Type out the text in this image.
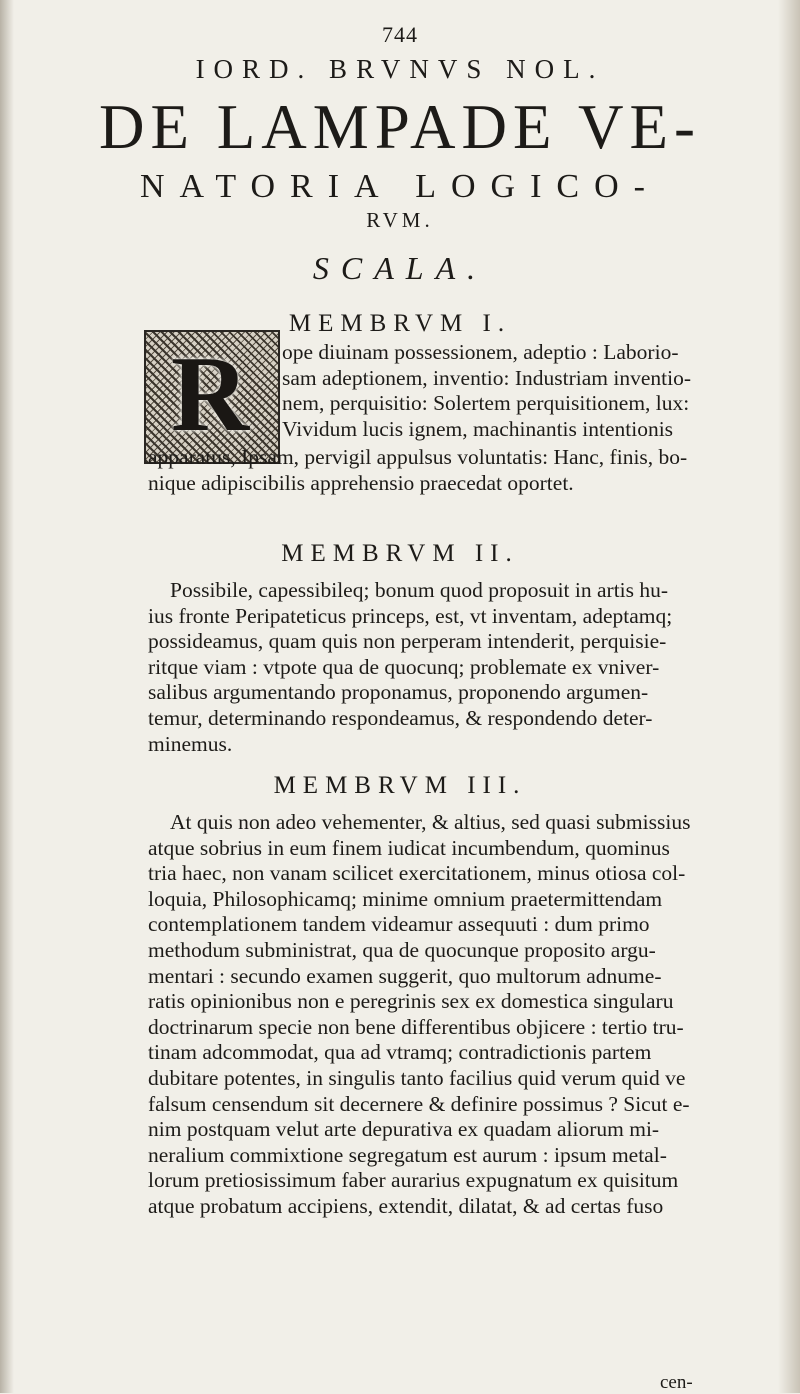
744
IORD. BRVNVS NOL.
DE LAMPADE VE-
NATORIA LOGICO-
RVM.
SCALA.
MEMBRVM I.
R	ope diuinam possessionem, adeptio : Laborio-
sam adeptionem, inventio: Industriam inventio-
nem, perquisitio: Solertem perquisitionem, lux:
Vividum lucis ignem, machinantis intentionis
apparatus, Ipsam, pervigil appulsus voluntatis: Hanc, finis, bo-
nique adipiscibilis apprehensio praecedat oportet.
MEMBRVM II.
Possibile, capessibileq; bonum quod proposuit in artis hu-
ius fronte Peripateticus princeps, est, vt inventam, adeptamq;
possideamus, quam quis non perperam intenderit, perquisie-
ritque viam : vtpote qua de quocunq; problemate ex vniver-
salibus argumentando proponamus, proponendo argumen-
temur, determinando respondeamus, & respondendo deter-
minemus.
MEMBRVM III.
At quis non adeo vehementer, & altius, sed quasi submissius
atque sobrius in eum finem iudicat incumbendum, quominus
tria haec, non vanam scilicet exercitationem, minus otiosa col-
loquia, Philosophicamq; minime omnium praetermittendam
contemplationem tandem videamur assequuti : dum primo
methodum subministrat, qua de quocunque proposito argu-
mentari : secundo examen suggerit, quo multorum adnume-
ratis opinionibus non e peregrinis sex ex domestica singularu
doctrinarum specie non bene differentibus objicere : tertio tru-
tinam adcommodat, qua ad vtramq; contradictionis partem
dubitare potentes, in singulis tanto facilius quid verum quid ve
falsum censendum sit decernere & definire possimus ? Sicut e-
nim postquam velut arte depurativa ex quadam aliorum mi-
neralium commixtione segregatum est aurum : ipsum metal-
lorum pretiosissimum faber aurarius expugnatum ex quisitum
atque probatum accipiens, extendit, dilatat, & ad certas fuso
cen-
